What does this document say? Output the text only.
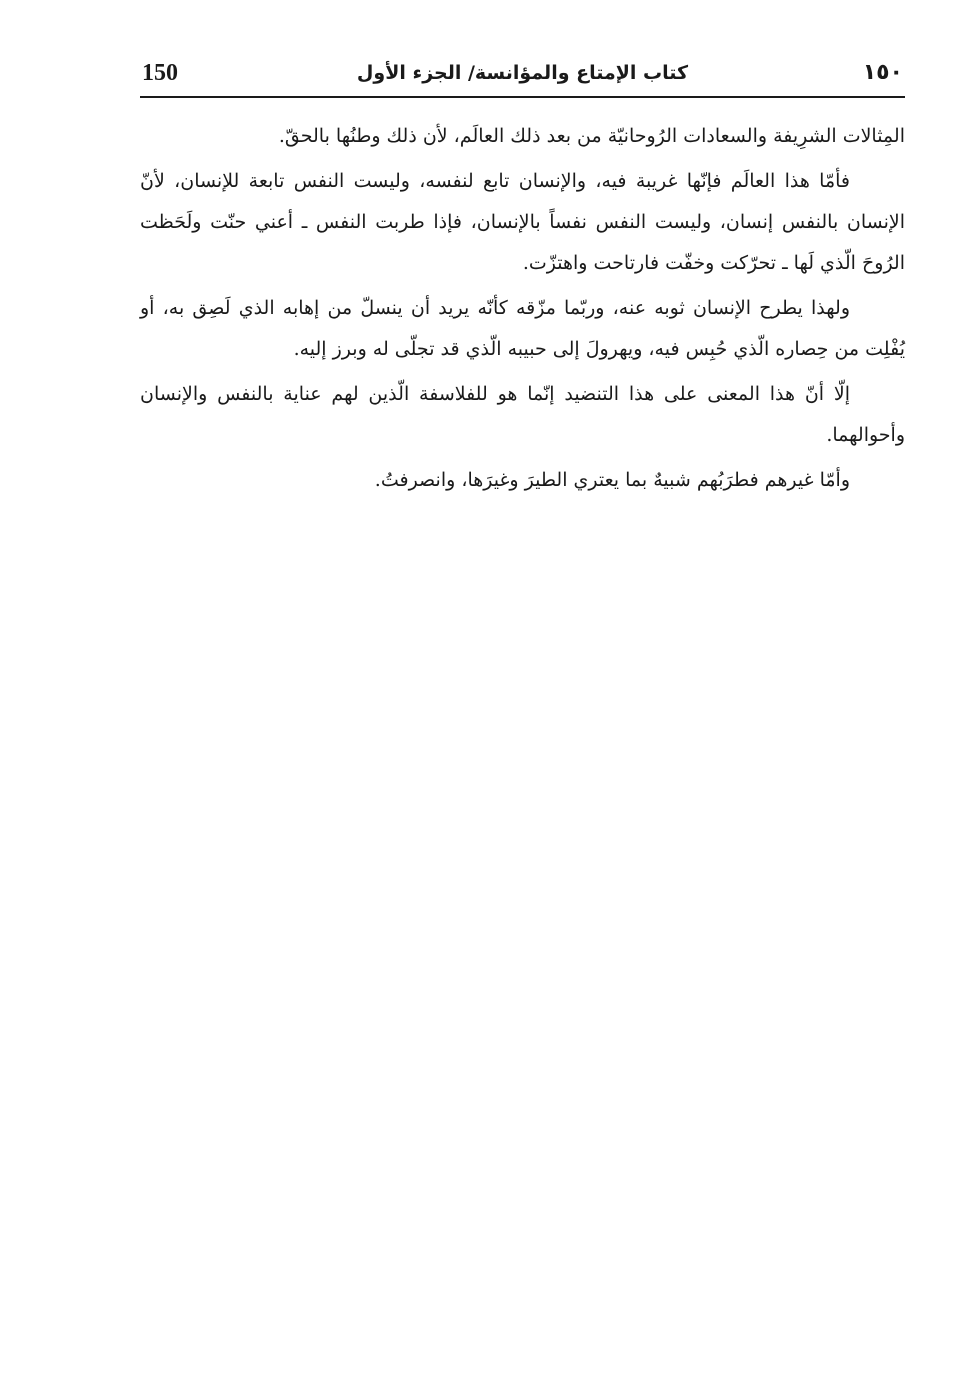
150	كتاب الإمتاع والمؤانسة/ الجزء الأول	١٥٠

المِثالات الشرِيفة والسعادات الرُوحانيّة من بعد ذلك العالَم، لأن ذلك وطنُها بالحقّ.

فأمّا هذا العالَم فإنّها غريبة فيه، والإنسان تابع لنفسه، وليست النفس تابعة للإنسان، لأنّ الإنسان بالنفس إنسان، وليست النفس نفساً بالإنسان، فإذا طربت النفس ـ أعني حنّت ولَحَظت الرُوحَ الّذي لَها ـ تحرّكت وخفّت فارتاحت واهتزّت.

ولهذا يطرح الإنسان ثوبه عنه، وربّما مزّقه كأنّه يريد أن ينسلّ من إهابه الذي لَصِق به، أو يُفْلِت من حِصاره الّذي حُبِس فيه، ويهرولَ إلى حبيبه الّذي قد تجلّى له وبرز إليه.

إلّا أنّ هذا المعنى على هذا التنضيد إنّما هو للفلاسفة الّذين لهم عناية بالنفس والإنسان وأحوالهما.

وأمّا غيرهم فطرَبُهم شبيهٌ بما يعتري الطيرَ وغيرَها، وانصرفتُ.
